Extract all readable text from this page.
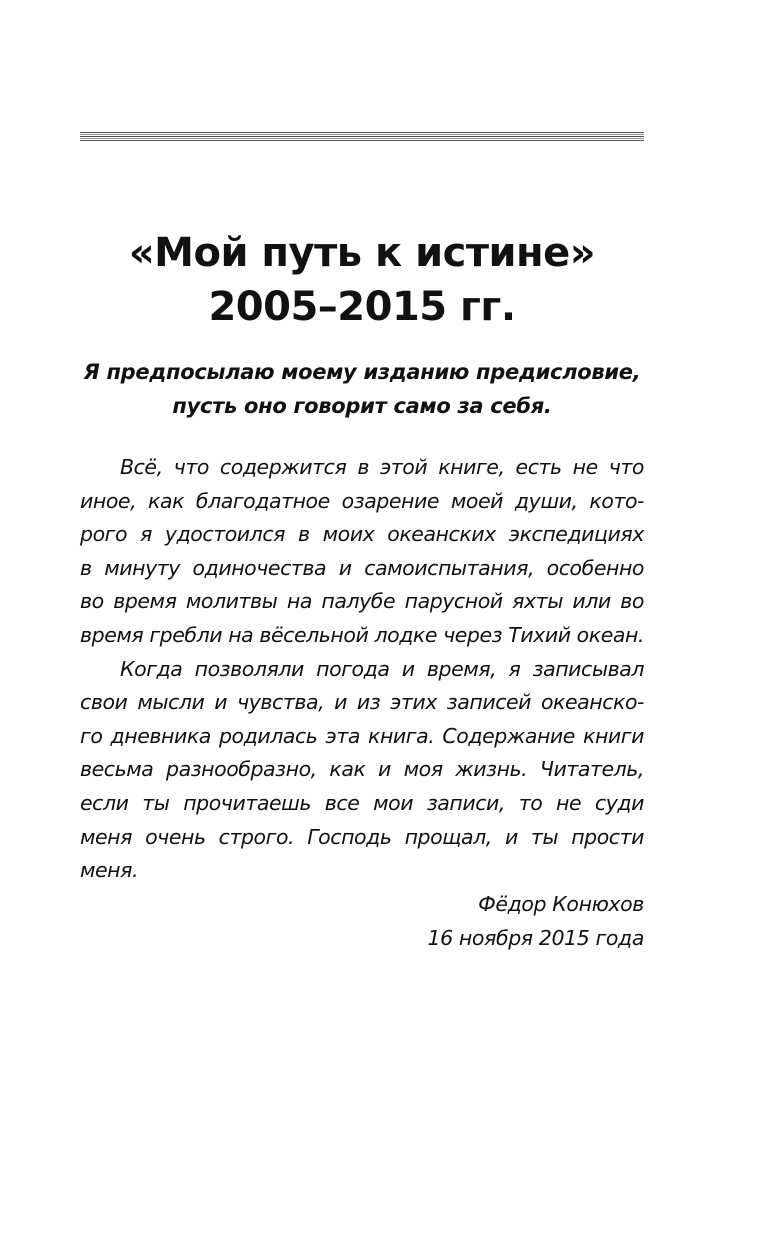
«Мой путь к истине»
2005–2015 гг.
Я предпосылаю моему изданию предисловие,
пусть оно говорит само за себя.
Всё, что содержится в этой книге, есть не что
иное, как благодатное озарение моей души, кото-
рого я удостоился в моих океанских экспедициях
в минуту одиночества и самоиспытания, особенно
во время молитвы на палубе парусной яхты или во
время гребли на вёсельной лодке через Тихий океан.
Когда позволяли погода и время, я записывал
свои мысли и чувства, и из этих записей океанско-
го дневника родилась эта книга. Содержание книги
весьма разнообразно, как и моя жизнь. Читатель,
если ты прочитаешь все мои записи, то не суди
меня очень строго. Господь прощал, и ты прости
меня.
Фёдор Конюхов
16 ноября 2015 года
